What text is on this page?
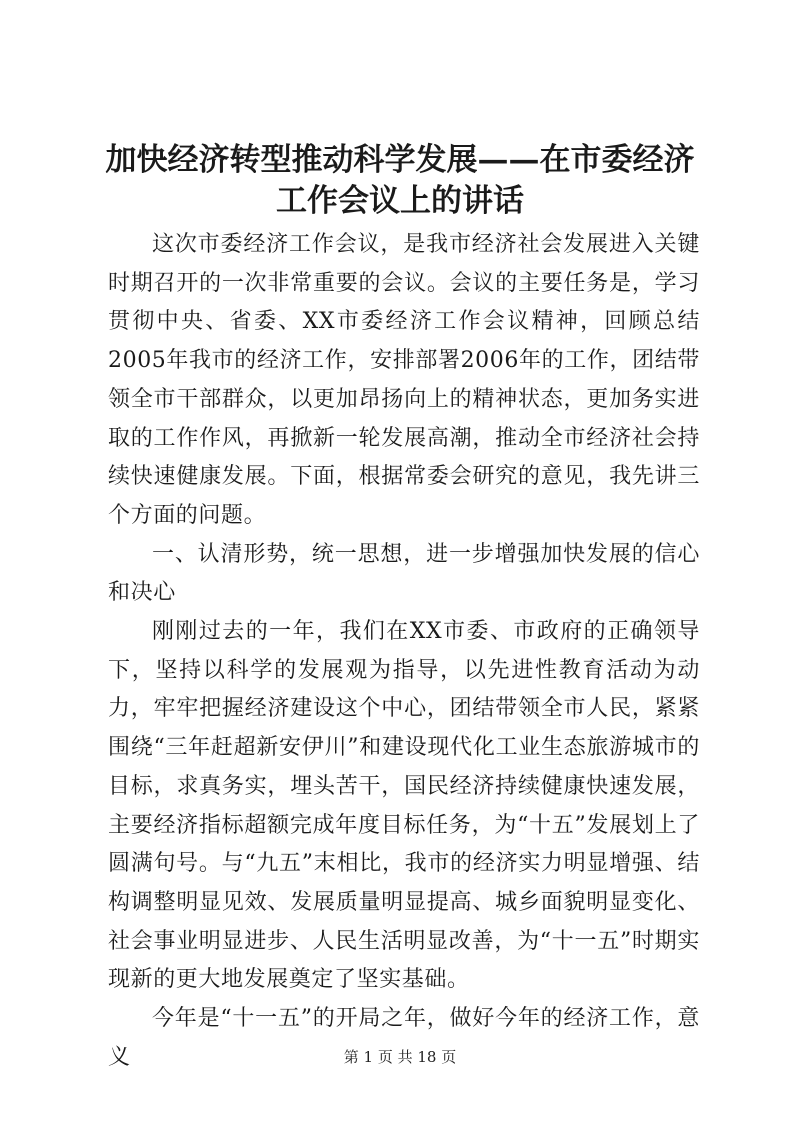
加快经济转型推动科学发展——在市委经济工作会议上的讲话

这次市委经济工作会议，是我市经济社会发展进入关键时期召开的一次非常重要的会议。会议的主要任务是，学习贯彻中央、省委、XX市委经济工作会议精神，回顾总结2005年我市的经济工作，安排部署2006年的工作，团结带领全市干部群众，以更加昂扬向上的精神状态，更加务实进取的工作作风，再掀新一轮发展高潮，推动全市经济社会持续快速健康发展。下面，根据常委会研究的意见，我先讲三个方面的问题。

一、认清形势，统一思想，进一步增强加快发展的信心和决心

刚刚过去的一年，我们在XX市委、市政府的正确领导下，坚持以科学的发展观为指导，以先进性教育活动为动力，牢牢把握经济建设这个中心，团结带领全市人民，紧紧围绕“三年赶超新安伊川”和建设现代化工业生态旅游城市的目标，求真务实，埋头苦干，国民经济持续健康快速发展，主要经济指标超额完成年度目标任务，为“十五”发展划上了圆满句号。与“九五”末相比，我市的经济实力明显增强、结构调整明显见效、发展质量明显提高、城乡面貌明显变化、社会事业明显进步、人民生活明显改善，为“十一五”时期实现新的更大地发展奠定了坚实基础。

今年是“十一五”的开局之年，做好今年的经济工作，意义	第 1 页 共 18 页
